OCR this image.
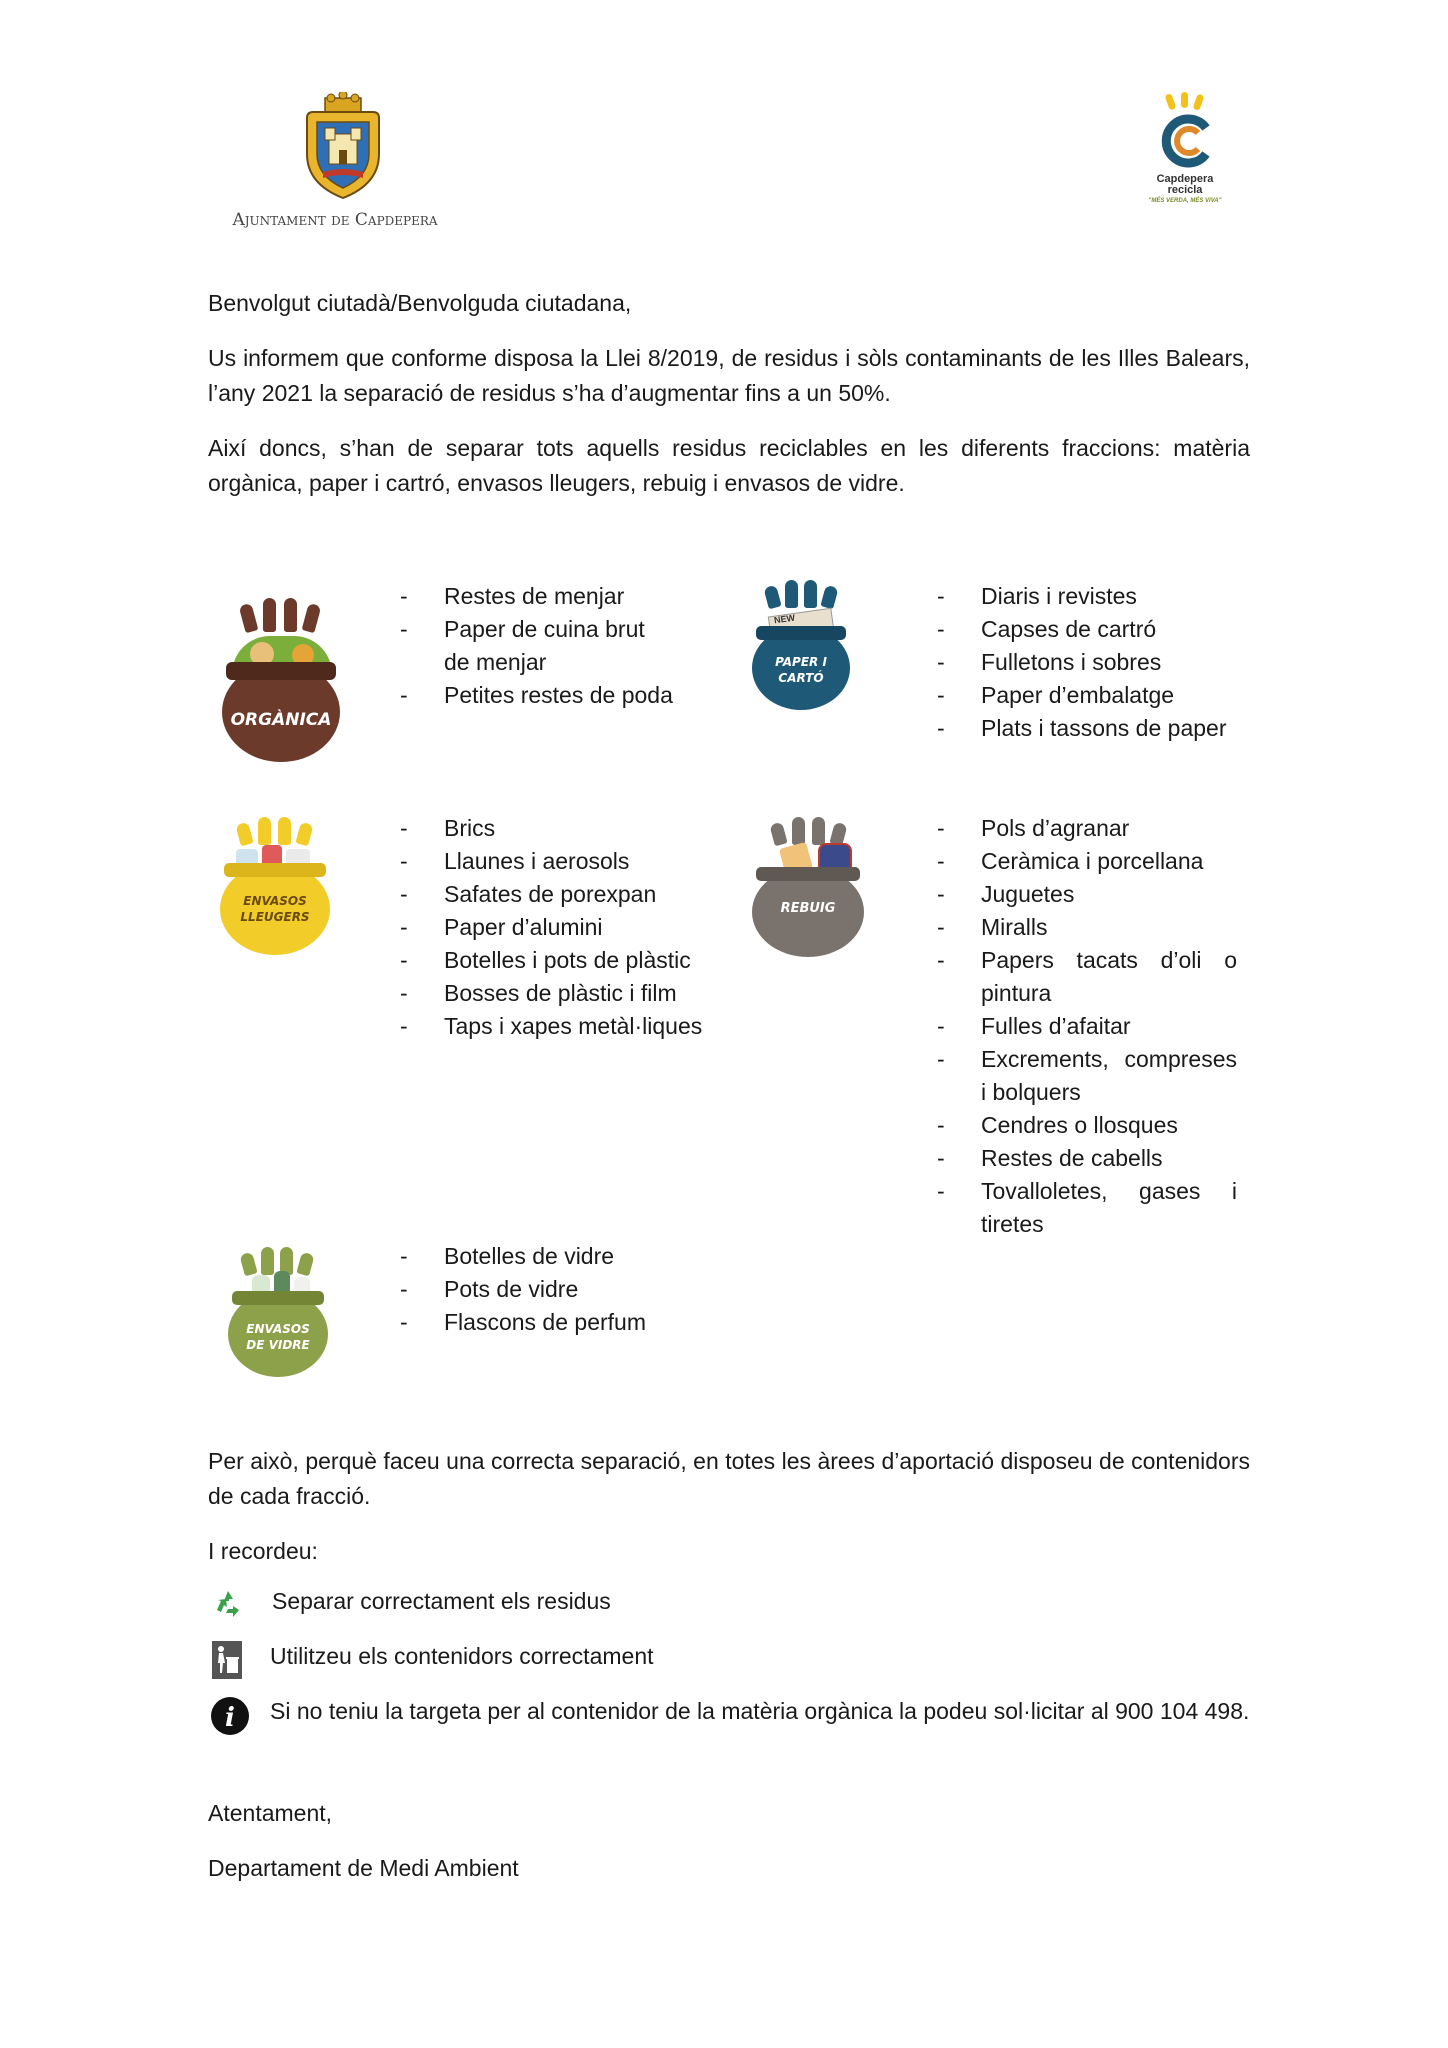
Ajuntament de Capdepera
Capdepera
recicla
"MÉS VERDA, MÉS VIVA"
Benvolgut ciutadà/Benvolguda ciutadana,
Us informem que conforme disposa la Llei 8/2019, de residus i sòls contaminants de les Illes Balears, l’any 2021 la separació de residus s’ha d’augmentar fins a un 50%.
Així doncs, s’han de separar tots aquells residus reciclables en les diferents fraccions: matèria orgànica, paper i cartró, envasos lleugers, rebuig i envasos de vidre.
ORGÀNICA
- Restes de menjar
- Paper de cuina brut de menjar
- Petites restes de poda
NEW
PAPER I
CARTÓ
- Diaris i revistes
- Capses de cartró
- Fulletons i sobres
- Paper d’embalatge
- Plats i tassons de paper
ENVASOS
LLEUGERS
- Brics
- Llaunes i aerosols
- Safates de porexpan
- Paper d’alumini
- Botelles i pots de plàstic
- Bosses de plàstic i film
- Taps i xapes metàl·liques
REBUIG
- Pols d’agranar
- Ceràmica i porcellana
- Juguetes
- Miralls
- Papers tacats d’oli o pintura
- Fulles d’afaitar
- Excrements, compreses i bolquers
- Cendres o llosques
- Restes de cabells
- Tovalloletes, gases i tiretes
ENVASOS
DE VIDRE
- Botelles de vidre
- Pots de vidre
- Flascons de perfum
Per això, perquè faceu una correcta separació, en totes les àrees d’aportació disposeu de contenidors de cada fracció.
I recordeu:
Separar correctament els residus
Utilitzeu els contenidors correctament
i Si no teniu la targeta per al contenidor de la matèria orgànica la podeu sol·licitar al 900 104 498.
Atentament,
Departament de Medi Ambient
